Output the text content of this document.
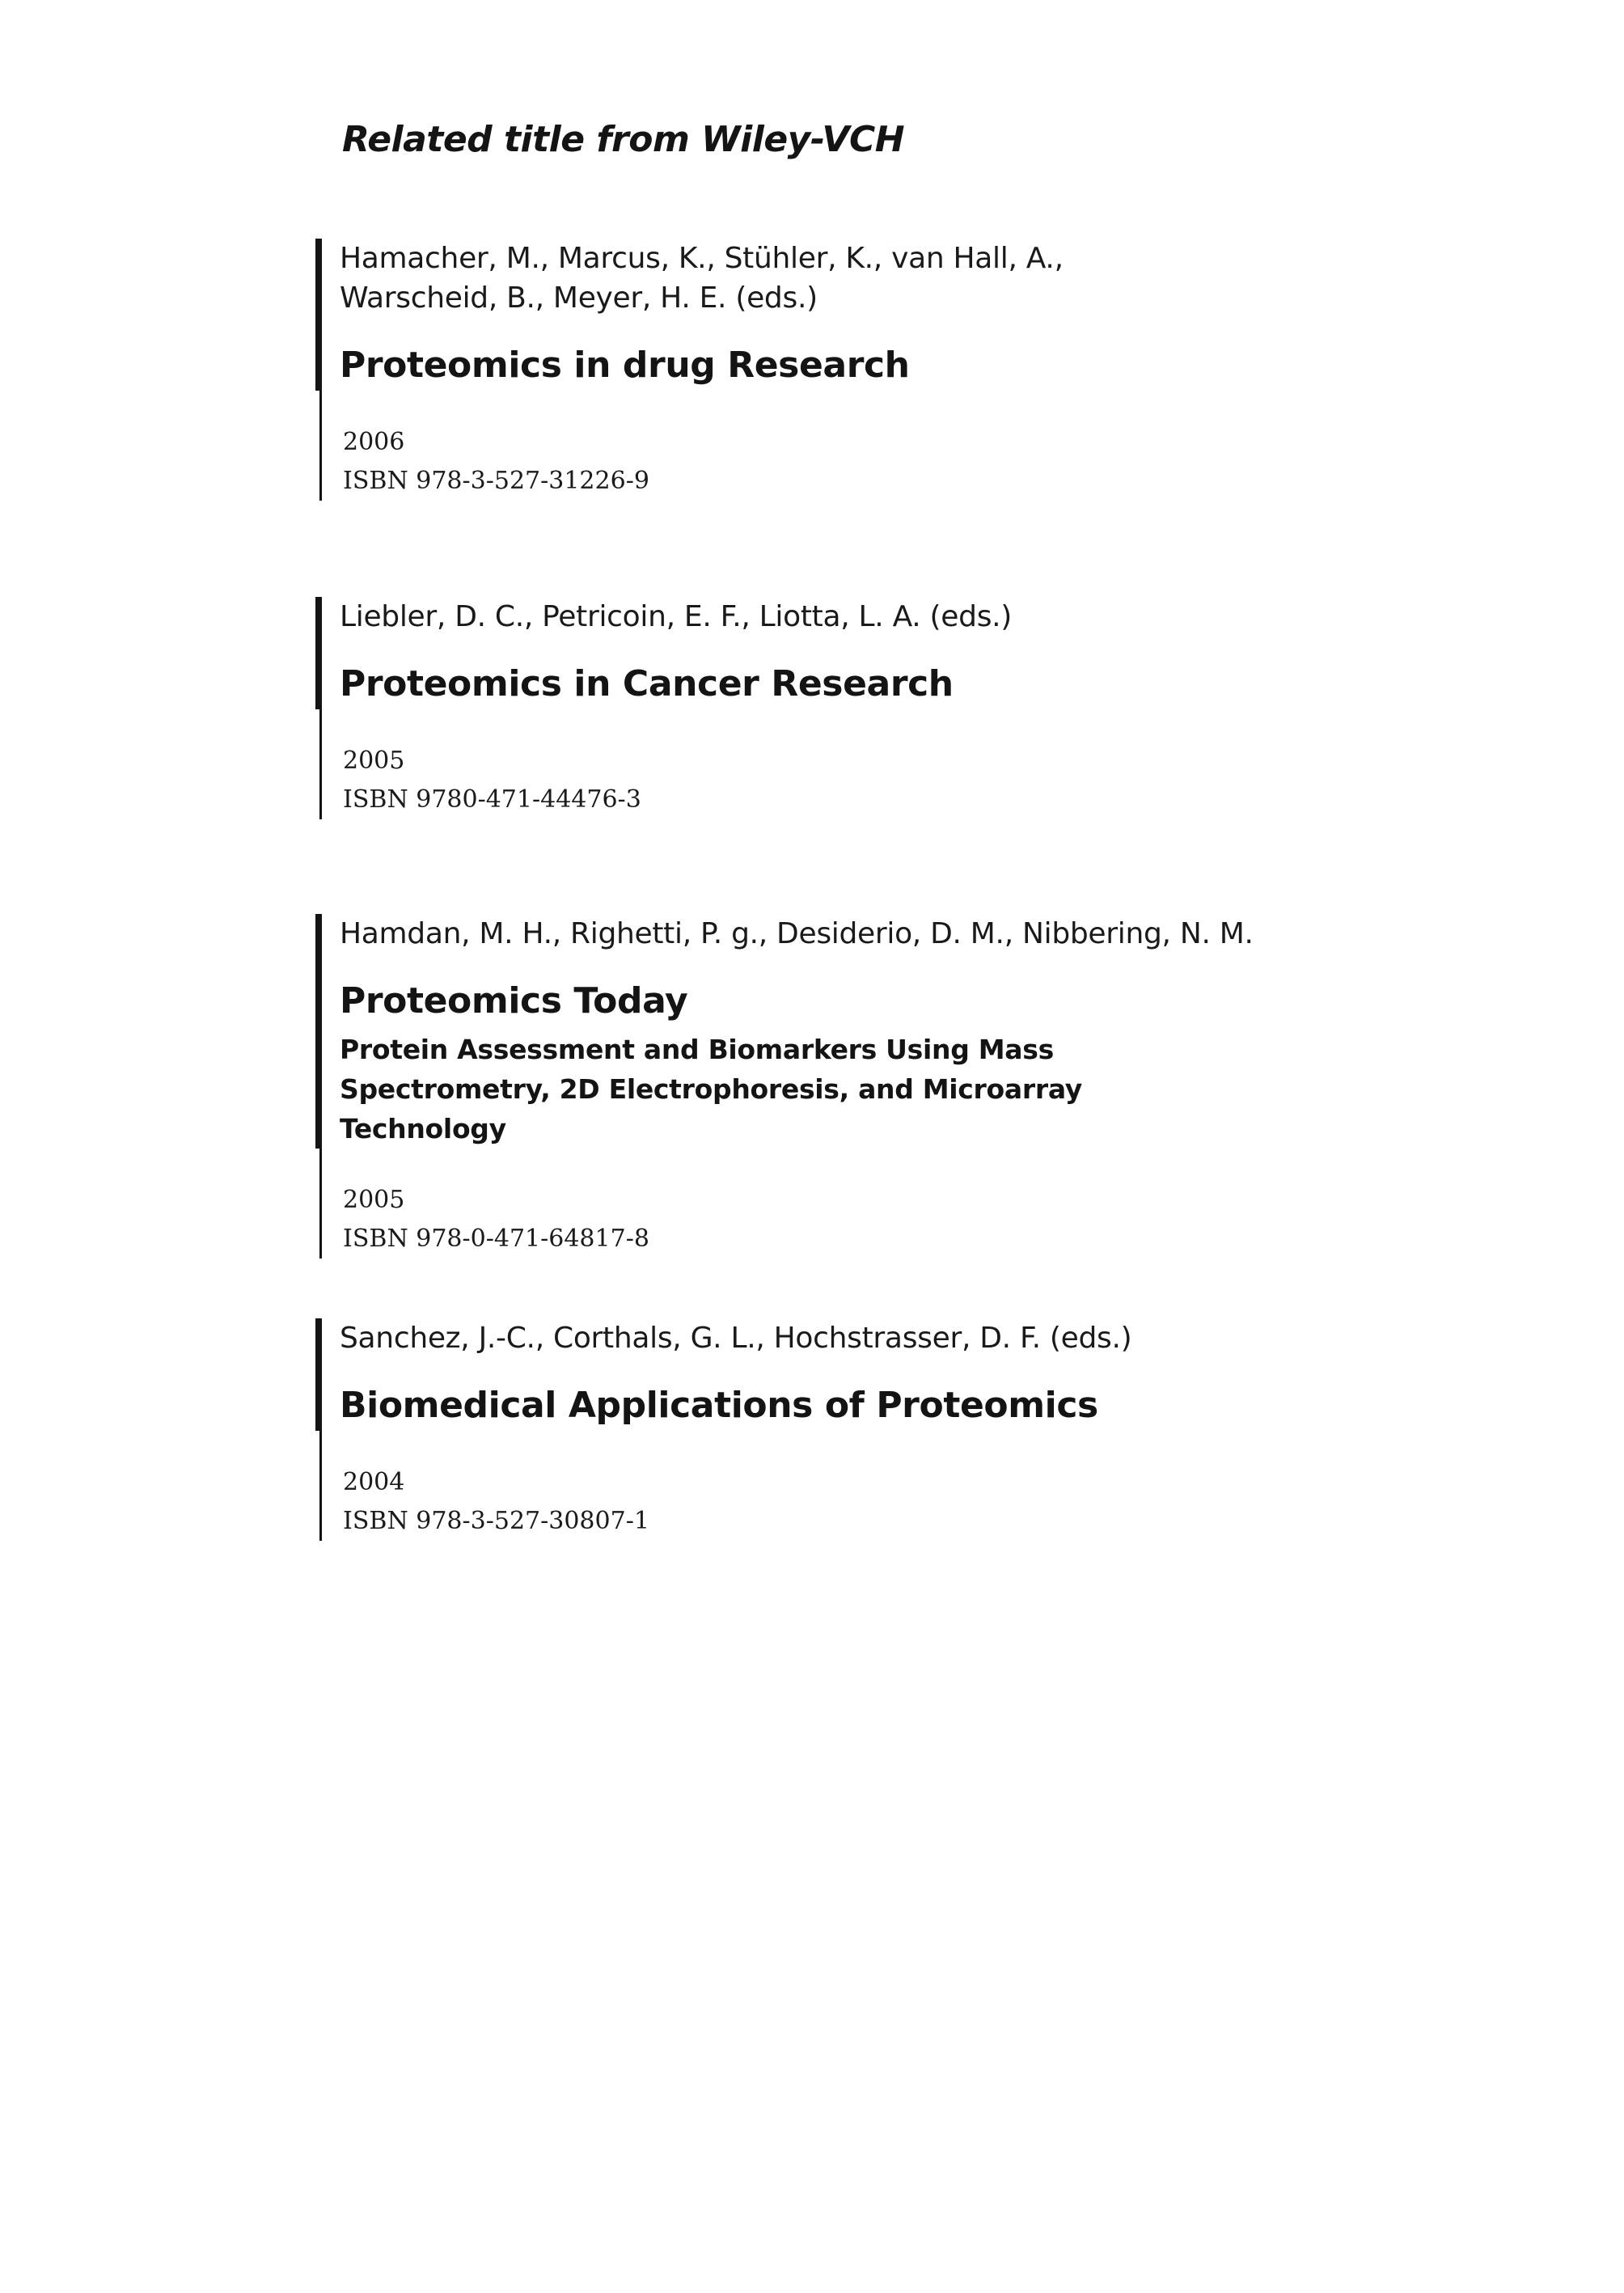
Related title from Wiley-VCH

Hamacher, M., Marcus, K., Stühler, K., van Hall, A., Warscheid, B., Meyer, H. E. (eds.)

Proteomics in drug Research

2006

ISBN 978-3-527-31226-9

Liebler, D. C., Petricoin, E. F., Liotta, L. A. (eds.)

Proteomics in Cancer Research

2005

ISBN 9780-471-44476-3

Hamdan, M. H., Righetti, P. g., Desiderio, D. M., Nibbering, N. M.

Proteomics Today

Protein Assessment and Biomarkers Using Mass Spectrometry, 2D Electrophoresis, and Microarray Technology

2005

ISBN 978-0-471-64817-8

Sanchez, J.-C., Corthals, G. L., Hochstrasser, D. F. (eds.)

Biomedical Applications of Proteomics

2004

ISBN 978-3-527-30807-1
